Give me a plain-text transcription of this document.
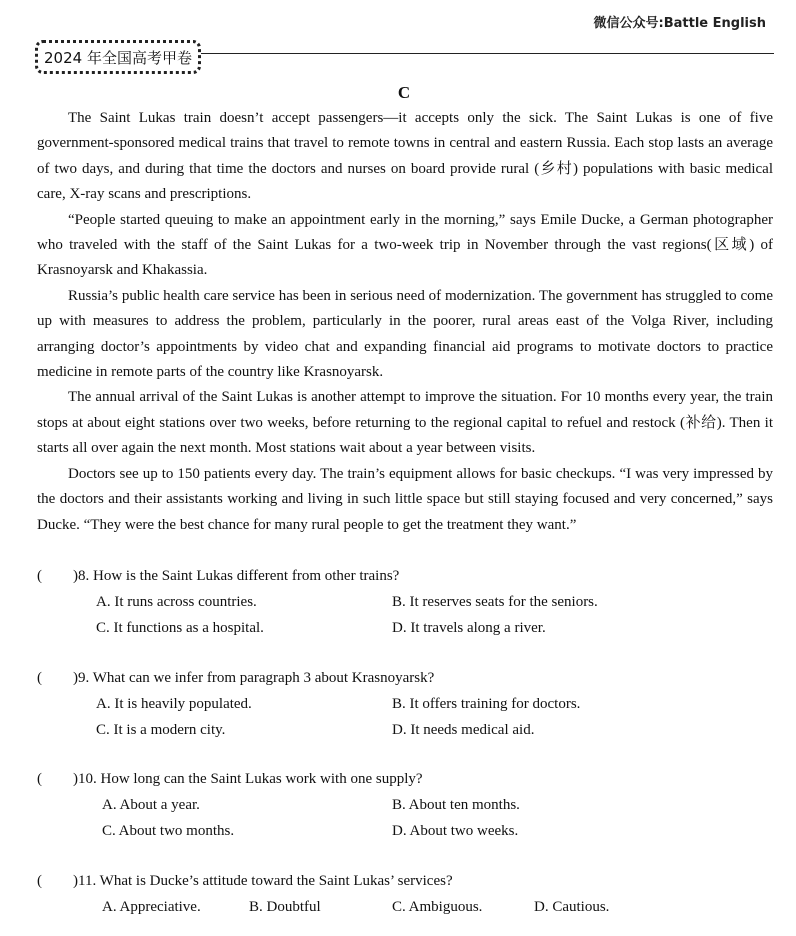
微信公众号:Battle English
2024 年全国高考甲卷
C

The Saint Lukas train doesn’t accept passengers—it accepts only the sick. The Saint Lukas is one of five government-sponsored medical trains that travel to remote towns in central and eastern Russia. Each stop lasts an average of two days, and during that time the doctors and nurses on board provide rural (乡村) populations with basic medical care, X-ray scans and prescriptions.

“People started queuing to make an appointment early in the morning,” says Emile Ducke, a German photographer who traveled with the staff of the Saint Lukas for a two-week trip in November through the vast regions(区域) of Krasnoyarsk and Khakassia.

Russia’s public health care service has been in serious need of modernization. The government has struggled to come up with measures to address the problem, particularly in the poorer, rural areas east of the Volga River, including arranging doctor’s appointments by video chat and expanding financial aid programs to motivate doctors to practice medicine in remote parts of the country like Krasnoyarsk.

The annual arrival of the Saint Lukas is another attempt to improve the situation. For 10 months every year, the train stops at about eight stations over two weeks, before returning to the regional capital to refuel and restock (补给). Then it starts all over again the next month. Most stations wait about a year between visits.

Doctors see up to 150 patients every day. The train’s equipment allows for basic checkups. “I was very impressed by the doctors and their assistants working and living in such little space but still staying focused and very concerned,” says Ducke. “They were the best chance for many rural people to get the treatment they want.”

( )8. How is the Saint Lukas different from other trains?
A. It runs across countries.	B. It reserves seats for the seniors.
C. It functions as a hospital.	D. It travels along a river.
( )9. What can we infer from paragraph 3 about Krasnoyarsk?
A. It is heavily populated.	B. It offers training for doctors.
C. It is a modern city.	D. It needs medical aid.
( )10. How long can the Saint Lukas work with one supply?
A. About a year.	B. About ten months.
C. About two months.	D. About two weeks.
( )11. What is Ducke’s attitude toward the Saint Lukas’ services?
A. Appreciative.	B. Doubtful	C. Ambiguous.	D. Cautious.
